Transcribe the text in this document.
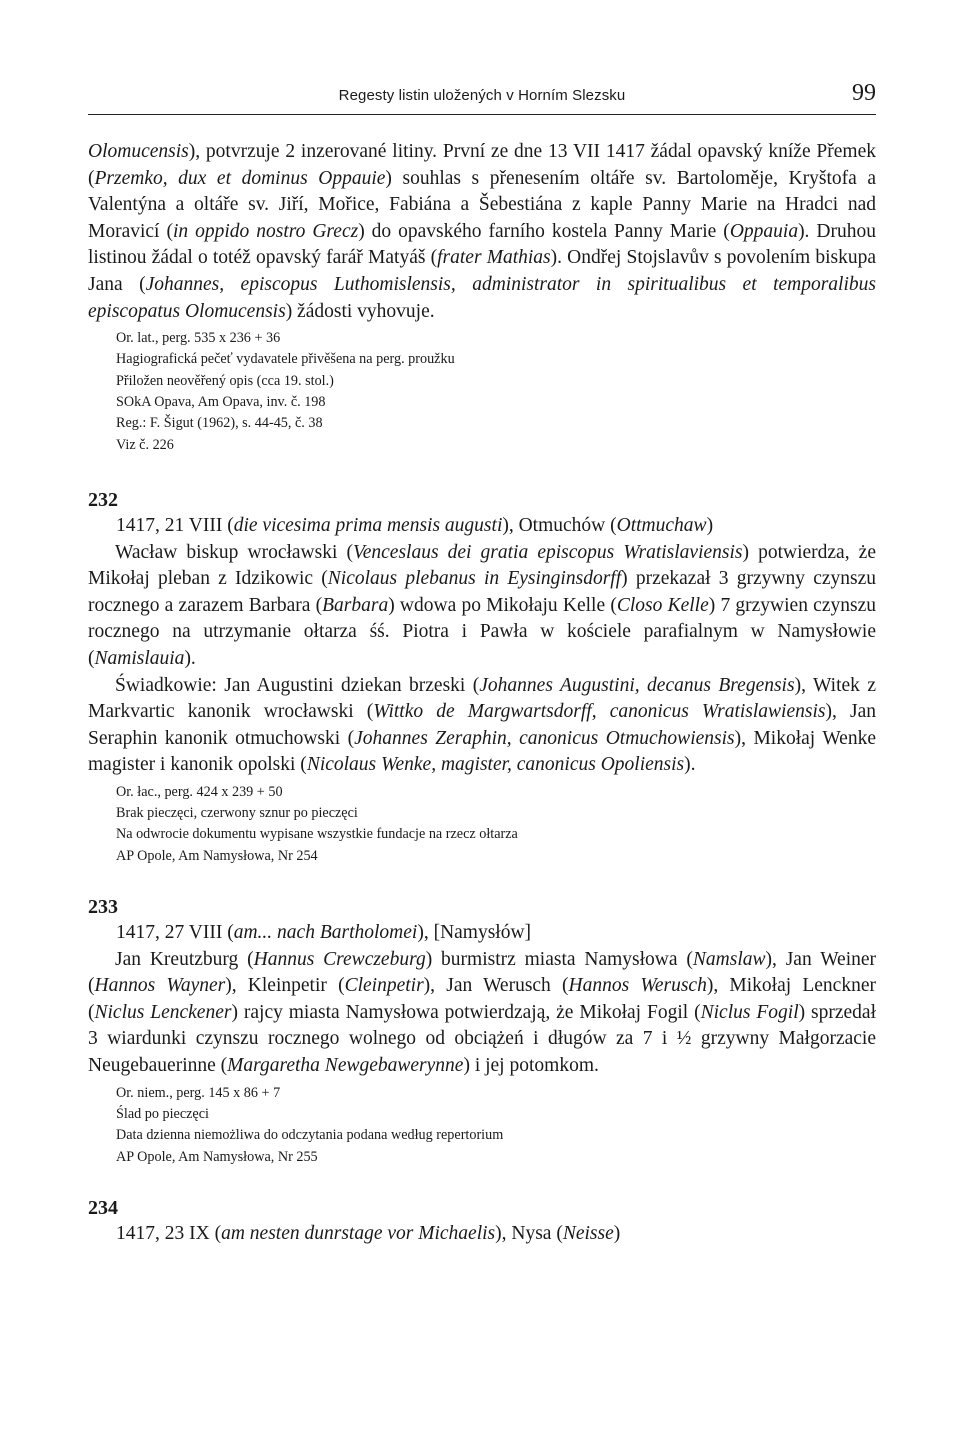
Regesty listin uložených v Horním Slezsku	99

Olomucensis), potvrzuje 2 inzerované litiny. První ze dne 13 VII 1417 žádal opavský kníže Přemek (Przemko, dux et dominus Oppauie) souhlas s přenesením oltáře sv. Bartoloměje, Kryštofa a Valentýna a oltáře sv. Jiří, Mořice, Fabiána a Šebestiána z kaple Panny Marie na Hradci nad Moravicí (in oppido nostro Grecz) do opavského farního kostela Panny Marie (Oppauia). Druhou listinou žádal o totéž opavský farář Matyáš (frater Mathias). Ondřej Stojslavův s povolením biskupa Jana (Johannes, episcopus Luthomislensis, administrator in spiritualibus et temporalibus episcopatus Olomucensis) žádosti vyhovuje.

Or. lat., perg. 535 x 236 + 36
Hagiografická pečeť vydavatele přivěšena na perg. proužku
Přiložen neověřený opis (cca 19. stol.)
SOkA Opava, Am Opava, inv. č. 198
Reg.: F. Šigut (1962), s. 44-45, č. 38
Viz č. 226
232
1417, 21 VIII (die vicesima prima mensis augusti), Otmuchów (Ottmuchaw)

Wacław biskup wrocławski (Venceslaus dei gratia episcopus Wratislaviensis) potwierdza, że Mikołaj pleban z Idzikowic (Nicolaus plebanus in Eysinginsdorff) przekazał 3 grzywny czynszu rocznego a zarazem Barbara (Barbara) wdowa po Mikołaju Kelle (Closo Kelle) 7 grzywien czynszu rocznego na utrzymanie ołtarza śś. Piotra i Pawła w kościele parafialnym w Namysłowie (Namislauia).

Świadkowie: Jan Augustini dziekan brzeski (Johannes Augustini, decanus Bregensis), Witek z Markvartic kanonik wrocławski (Wittko de Margwartsdorff, canonicus Wratislawiensis), Jan Seraphin kanonik otmuchowski (Johannes Zeraphin, canonicus Otmuchowiensis), Mikołaj Wenke magister i kanonik opolski (Nicolaus Wenke, magister, canonicus Opoliensis).

Or. łac., perg. 424 x 239 + 50
Brak pieczęci, czerwony sznur po pieczęci
Na odwrocie dokumentu wypisane wszystkie fundacje na rzecz ołtarza
AP Opole, Am Namysłowa, Nr 254
233
1417, 27 VIII (am... nach Bartholomei), [Namysłów]

Jan Kreutzburg (Hannus Crewczeburg) burmistrz miasta Namysłowa (Namslaw), Jan Weiner (Hannos Wayner), Kleinpetir (Cleinpetir), Jan Werusch (Hannos Werusch), Mikołaj Lenckner (Niclus Lenckener) rajcy miasta Namysłowa potwierdzają, że Mikołaj Fogil (Niclus Fogil) sprzedał 3 wiardunki czynszu rocznego wolnego od obciążeń i długów za 7 i ½ grzywny Małgorzacie Neugebauerinne (Margaretha Newgebawerynne) i jej potomkom.

Or. niem., perg. 145 x 86 + 7
Ślad po pieczęci
Data dzienna niemożliwa do odczytania podana według repertorium
AP Opole, Am Namysłowa, Nr 255
234
1417, 23 IX (am nesten dunrstage vor Michaelis), Nysa (Neisse)
